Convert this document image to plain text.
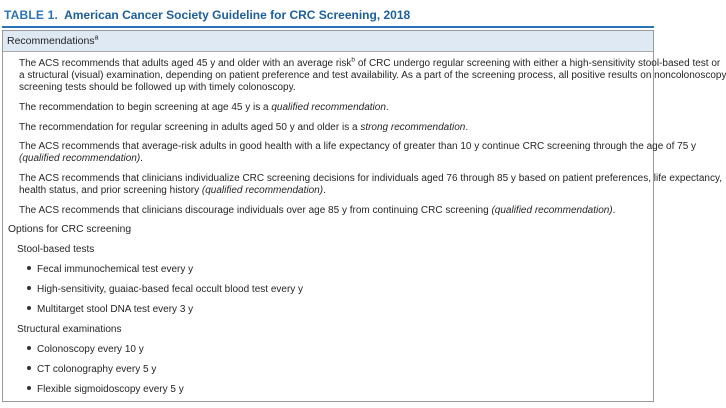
TABLE 1. American Cancer Society Guideline for CRC Screening, 2018
Recommendations$^a$
The ACS recommends that adults aged 45 y and older with an average risk$^b$ of CRC undergo regular screening with either a high-sensitivity stool-based test or
a structural (visual) examination, depending on patient preference and test availability. As a part of the screening process, all positive results on noncolonoscopy
screening tests should be followed up with timely colonoscopy.
The recommendation to begin screening at age 45 y is a qualified recommendation.
The recommendation for regular screening in adults aged 50 y and older is a strong recommendation.
The ACS recommends that average-risk adults in good health with a life expectancy of greater than 10 y continue CRC screening through the age of 75 y
(qualified recommendation).
The ACS recommends that clinicians individualize CRC screening decisions for individuals aged 76 through 85 y based on patient preferences, life expectancy,
health status, and prior screening history (qualified recommendation).
The ACS recommends that clinicians discourage individuals over age 85 y from continuing CRC screening (qualified recommendation).
Options for CRC screening
Stool-based tests
Fecal immunochemical test every y
High-sensitivity, guaiac-based fecal occult blood test every y
Multitarget stool DNA test every 3 y
Structural examinations
Colonoscopy every 10 y
CT colonography every 5 y
Flexible sigmoidoscopy every 5 y
